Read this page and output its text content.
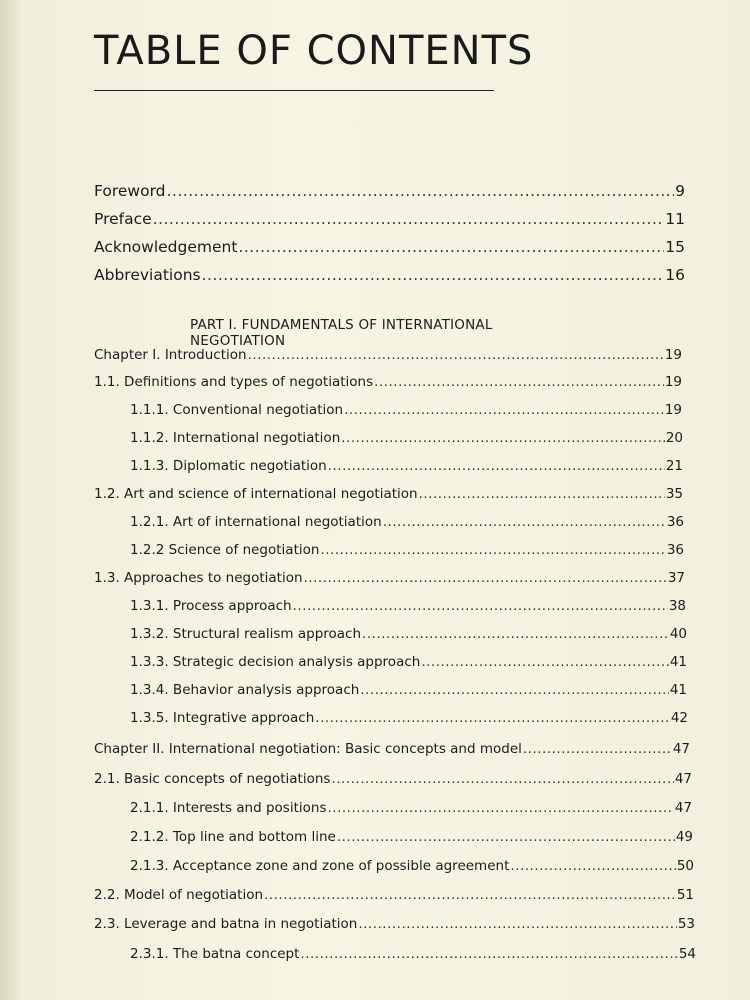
TABLE OF CONTENTS
Foreword .....	9
Preface .....	11
Acknowledgement .....	15
Abbreviations .....	16
PART I. FUNDAMENTALS OF INTERNATIONAL NEGOTIATION
Chapter I. Introduction .....	19
1.1. Definitions and types of negotiations .....	19
1.1.1. Conventional negotiation .....	19
1.1.2. International negotiation .....	20
1.1.3. Diplomatic negotiation .....	21
1.2. Art and science of international negotiation .....	35
1.2.1. Art of international negotiation .....	36
1.2.2 Science of negotiation .....	36
1.3. Approaches to negotiation .....	37
1.3.1. Process approach .....	38
1.3.2. Structural realism approach .....	40
1.3.3. Strategic decision analysis approach .....	41
1.3.4. Behavior analysis approach .....	41
1.3.5. Integrative approach .....	42
Chapter II. International negotiation: Basic concepts and model .....	47
2.1. Basic concepts of negotiations .....	47
2.1.1. Interests and positions .....	47
2.1.2. Top line and bottom line .....	49
2.1.3. Acceptance zone and zone of possible agreement .....	50
2.2. Model of negotiation .....	51
2.3. Leverage and batna in negotiation .....	53
2.3.1. The batna concept .....	54
